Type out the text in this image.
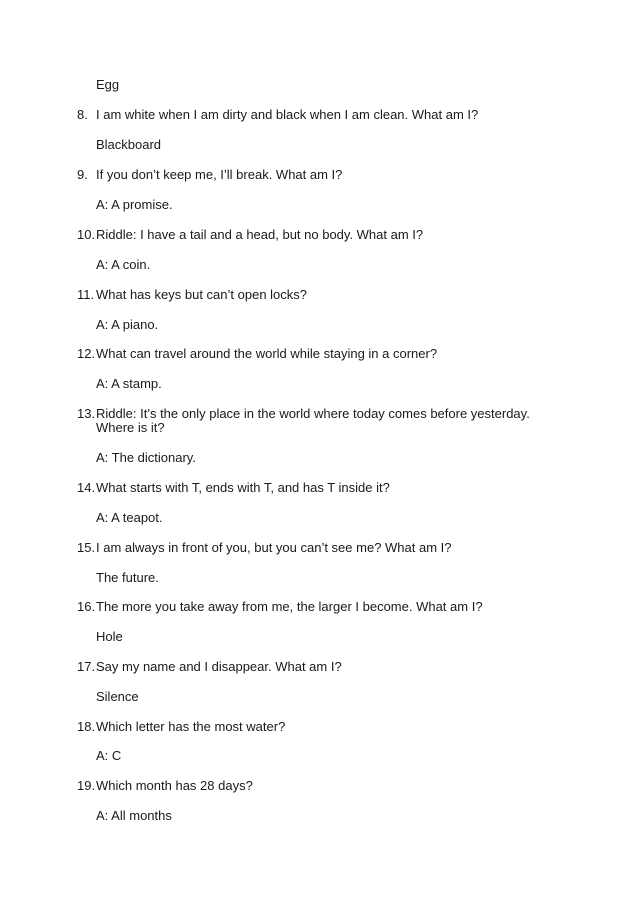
Egg
8. I am white when I am dirty and black when I am clean. What am I?
Blackboard
9. If you don’t keep me, I’ll break. What am I?
A: A promise.
10. Riddle: I have a tail and a head, but no body. What am I?
A: A coin.
11. What has keys but can’t open locks?
A: A piano.
12. What can travel around the world while staying in a corner?
A: A stamp.
13. Riddle: It’s the only place in the world where today comes before yesterday.
Where is it?
A: The dictionary.
14. What starts with T, ends with T, and has T inside it?
A: A teapot.
15. I am always in front of you, but you can’t see me? What am I?
The future.
16. The more you take away from me, the larger I become. What am I?
Hole
17. Say my name and I disappear. What am I?
Silence
18. Which letter has the most water?
A: C
19. Which month has 28 days?
A: All months
